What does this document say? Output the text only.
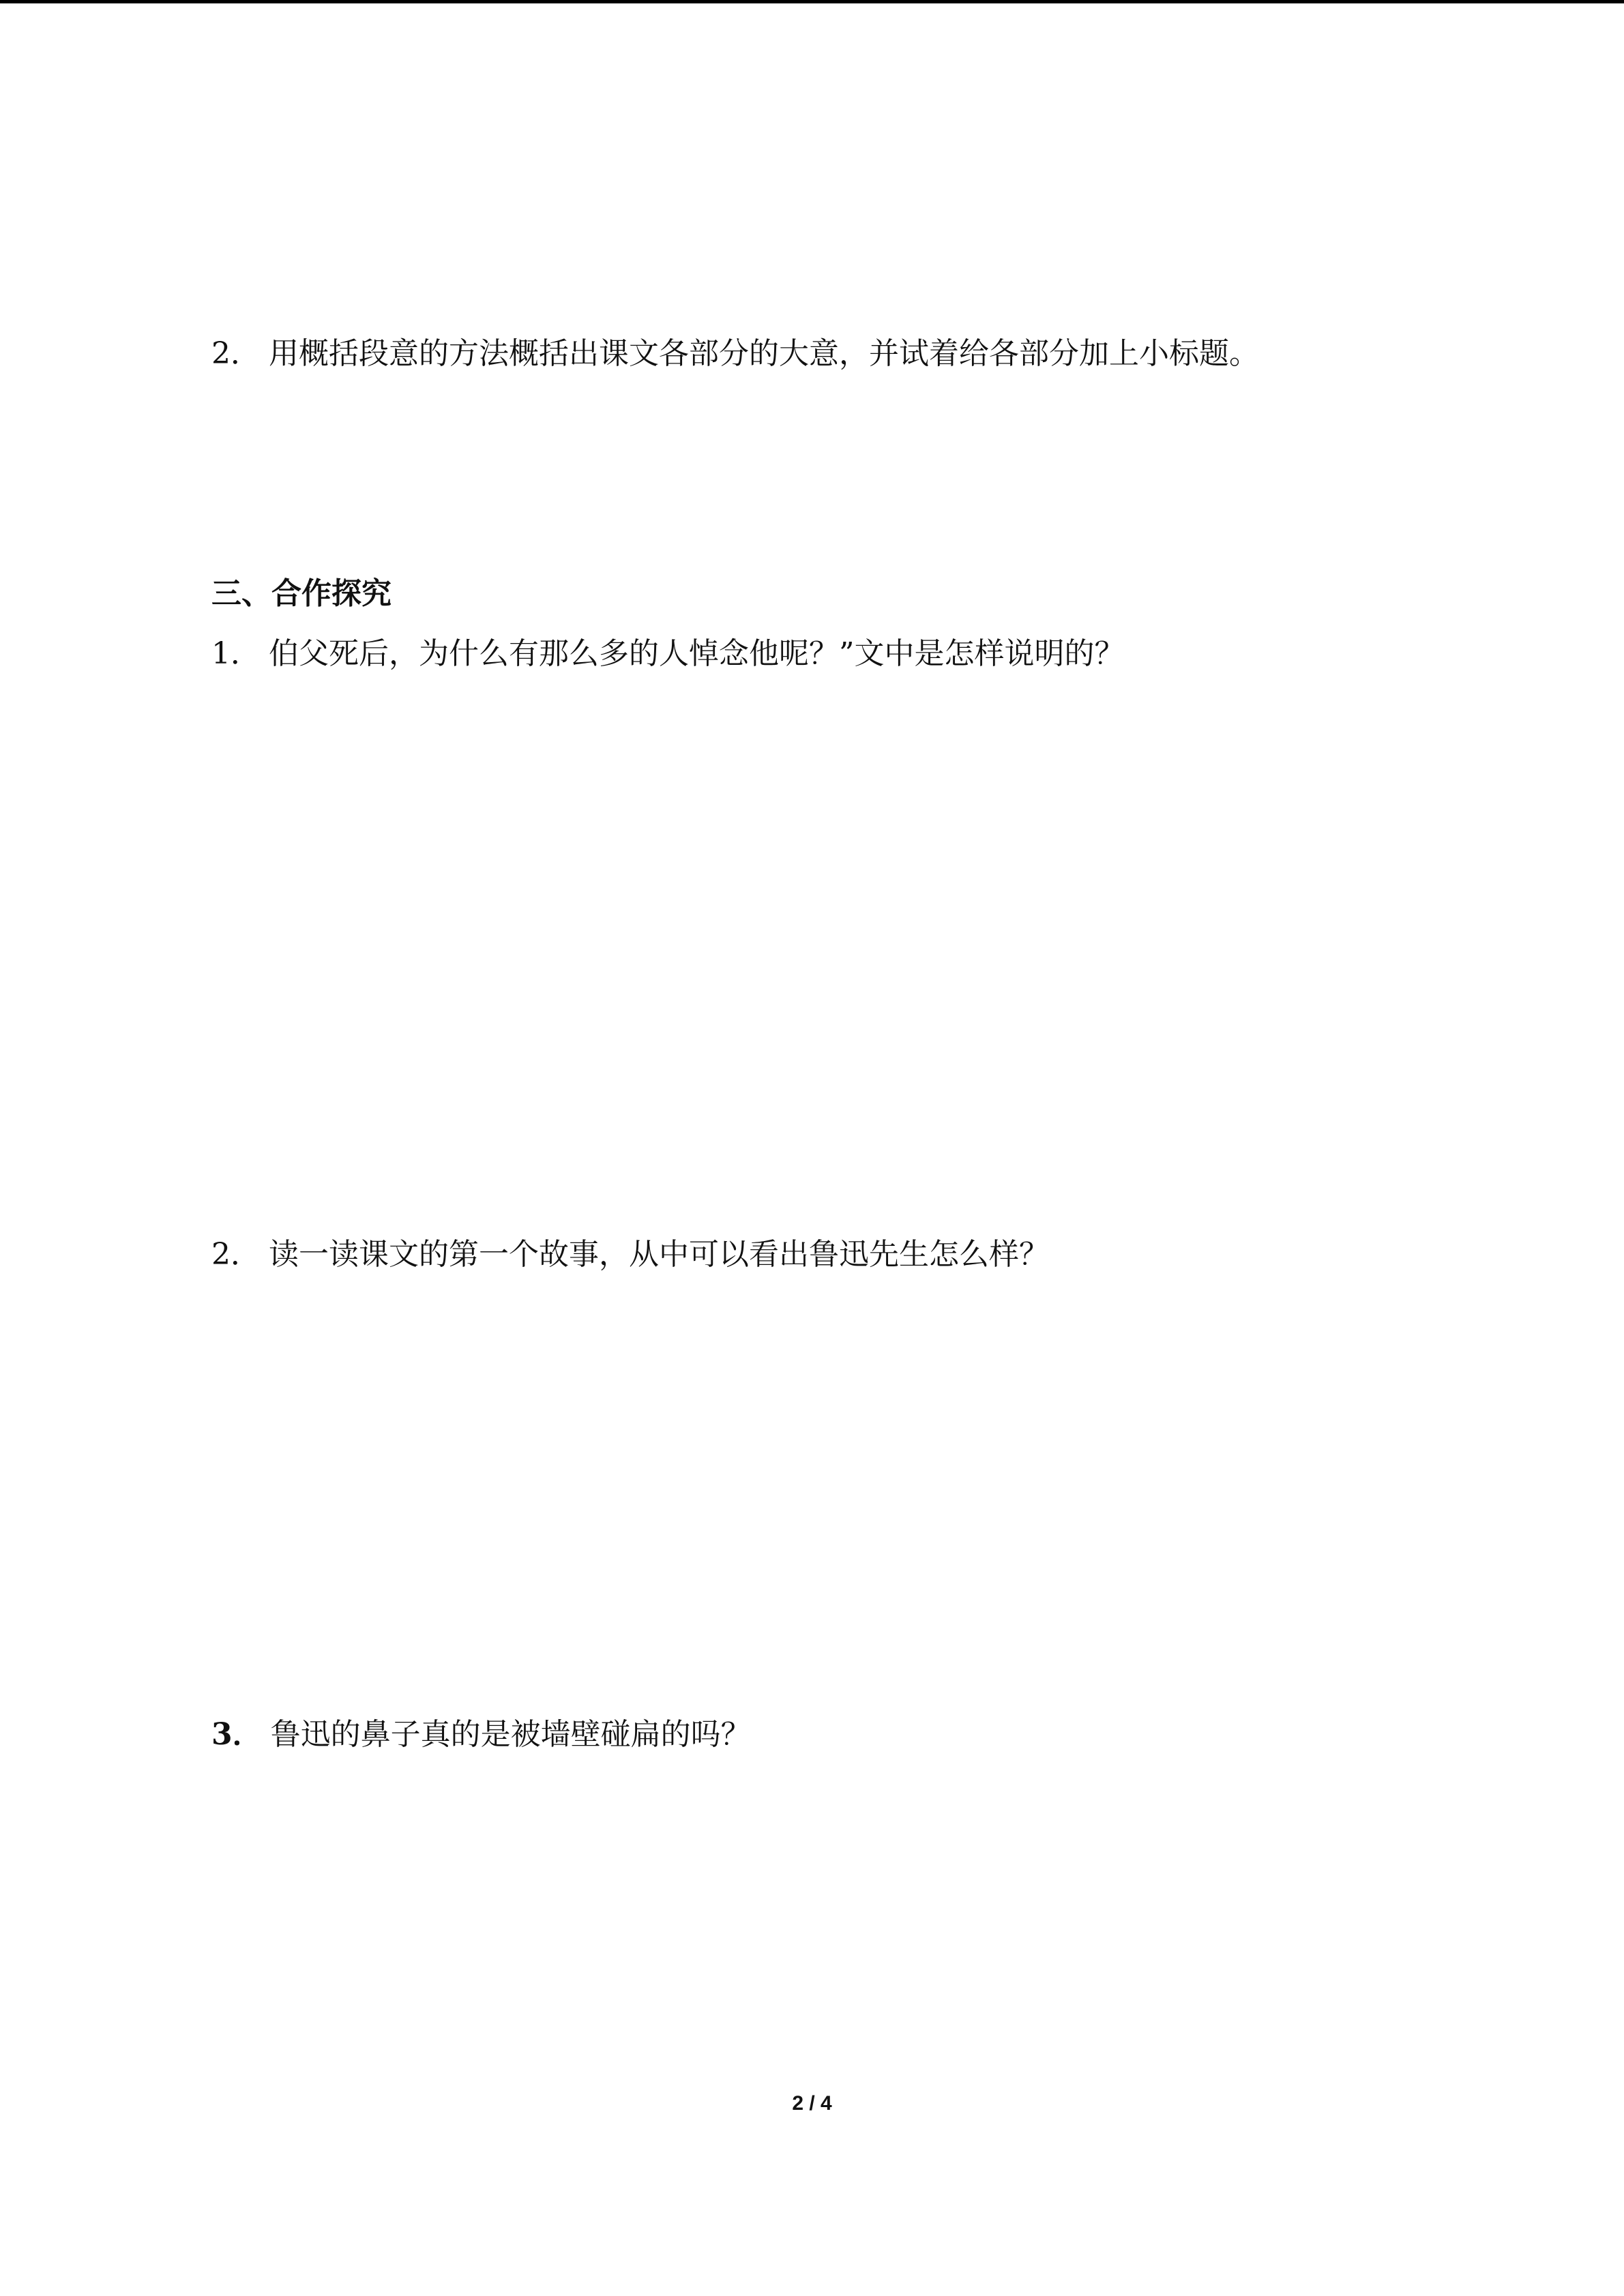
2． 用概括段意的方法概括出课文各部分的大意，并试着给各部分加上小标题。
三、合作探究
1． 伯父死后，为什么有那么多的人悼念他呢？”文中是怎样说明的？
2． 读一读课文的第一个故事，从中可以看出鲁迅先生怎么样？
3． 鲁迅的鼻子真的是被墙壁碰扁的吗？
2 / 4
